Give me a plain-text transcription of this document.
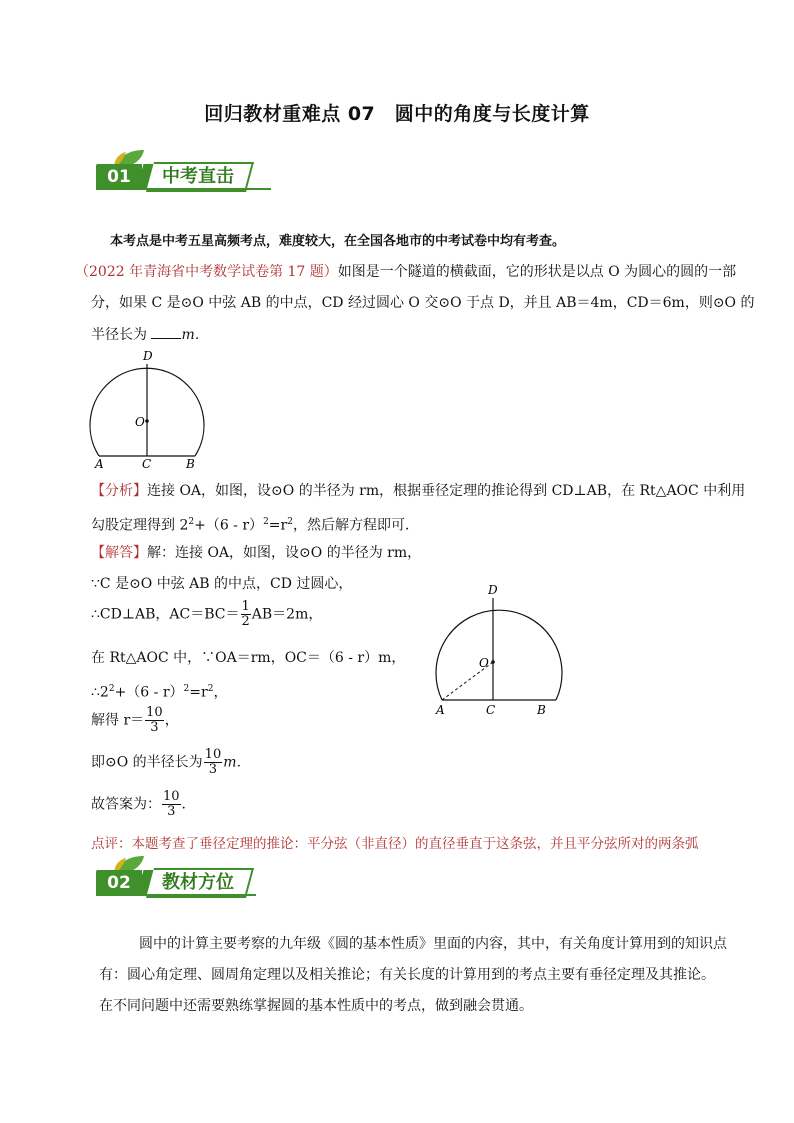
回归教材重难点 07　圆中的角度与长度计算
01	中考直击
本考点是中考五星高频考点，难度较大，在全国各地市的中考试卷中均有考查。
（2022 年青海省中考数学试卷第 17 题）如图是一个隧道的横截面，它的形状是以点 O 为圆心的圆的一部
分，如果 C 是⊙O 中弦 AB 的中点，CD 经过圆心 O 交⊙O 于点 D，并且 AB＝4m，CD＝6m，则⊙O 的
半径长为 m．
D
O
A	C	B
【分析】连接 OA，如图，设⊙O 的半径为 rm，根据垂径定理的推论得到 CD⊥AB，在 Rt△AOC 中利用
勾股定理得到 $2^2+(6 - r)^2=r^2$，然后解方程即可．
【解答】解：连接 OA，如图，设⊙O 的半径为 rm，
∵C 是⊙O 中弦 AB 的中点，CD 过圆心，
∴CD⊥AB，$AC=BC= \frac{1}{2} AB=2m$，
在 Rt△AOC 中，∵OA＝rm，OC＝（6 - r）m，
$\therefore 2^2+(6 - r)^2=r^2$，
解得 $r= \frac{10}{3}$ ，
即⊙O 的半径长为 $\frac{10}{3}$ m．
故答案为： $\frac{10}{3}$ ．
D
O
A	C	B
点评：本题考查了垂径定理的推论：平分弦（非直径）的直径垂直于这条弦，并且平分弦所对的两条弧
02	教材方位
圆中的计算主要考察的九年级《圆的基本性质》里面的内容，其中，有关角度计算用到的知识点
有：圆心角定理、圆周角定理以及相关推论；有关长度的计算用到的考点主要有垂径定理及其推论。
在不同问题中还需要熟练掌握圆的基本性质中的考点，做到融会贯通。
